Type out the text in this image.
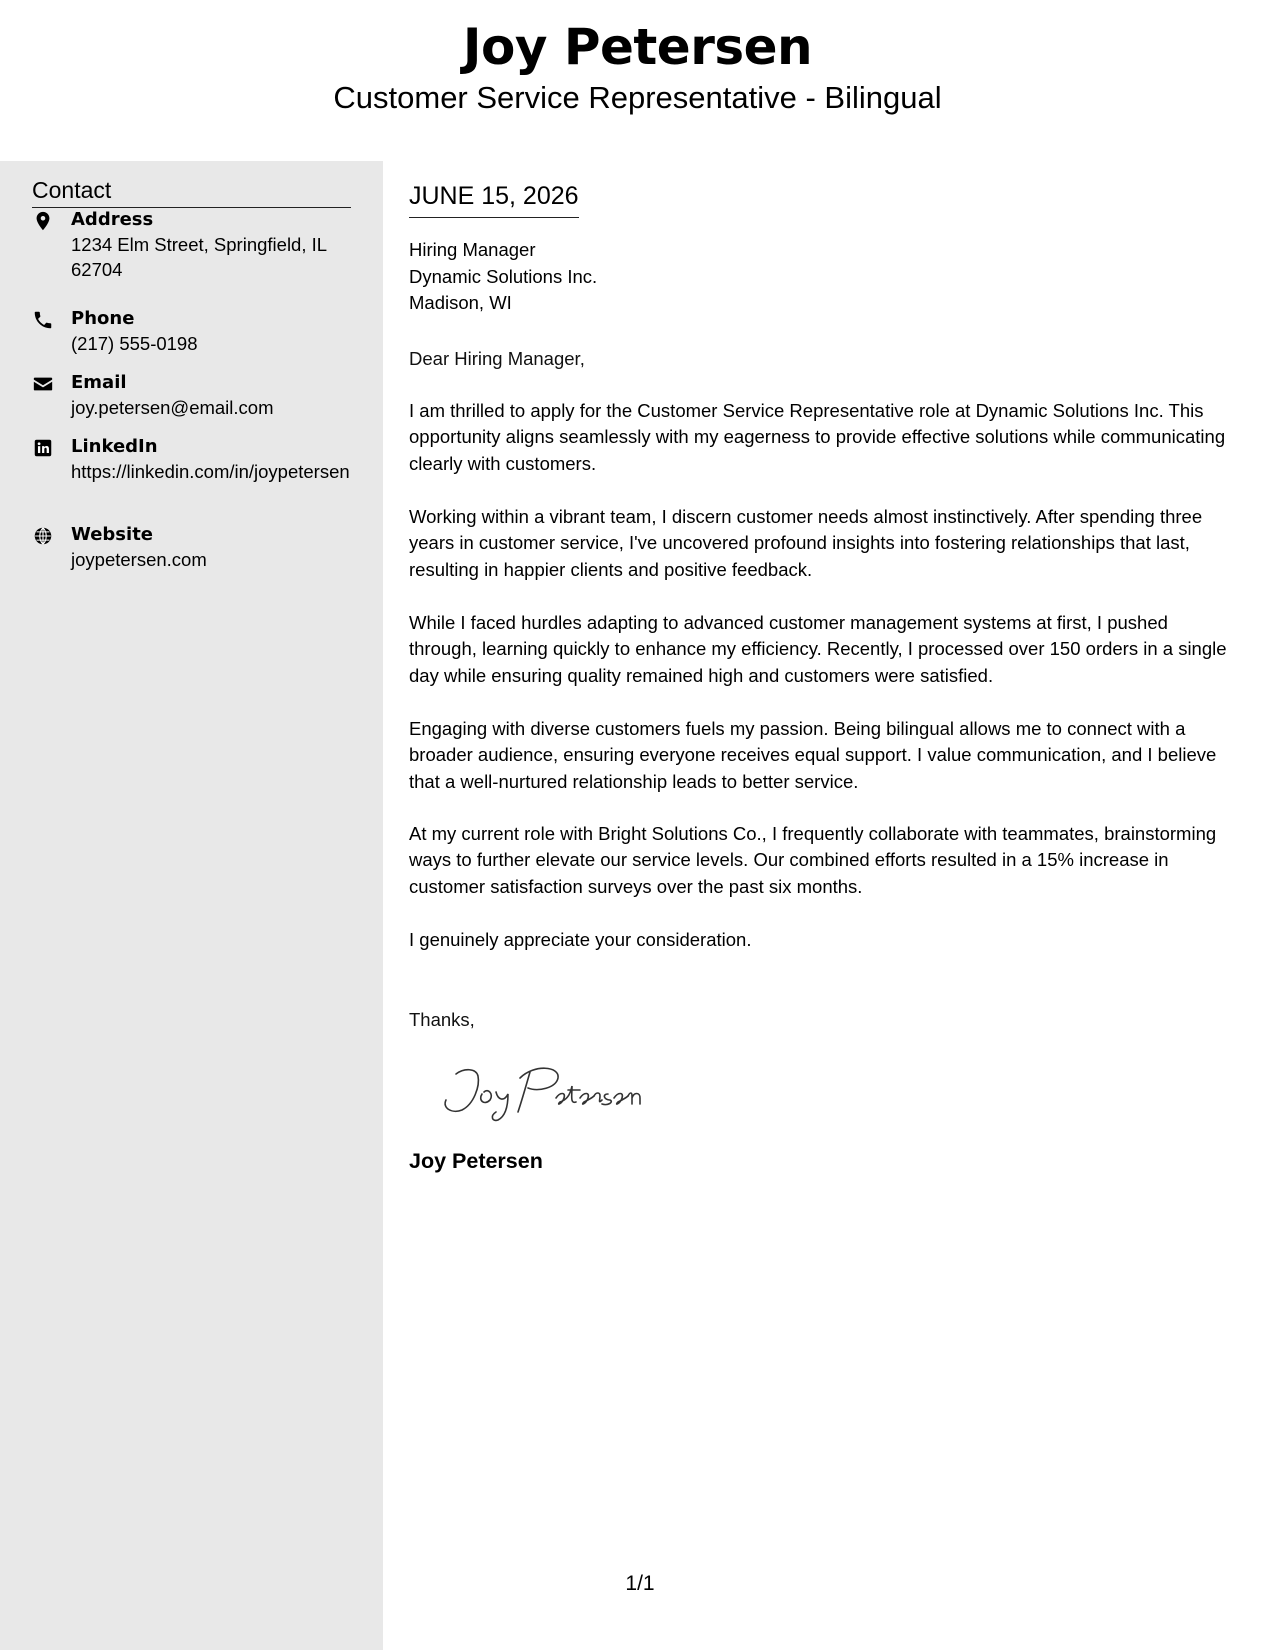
Joy Petersen
Customer Service Representative - Bilingual
Contact
Address
1234 Elm Street, Springfield, IL 62704
Phone
(217) 555-0198
Email
joy.petersen@email.com
LinkedIn
https://linkedin.com/in/joypetersen
Website
joypetersen.com
JUNE 15, 2026
Hiring Manager
Dynamic Solutions Inc.
Madison, WI
Dear Hiring Manager,
I am thrilled to apply for the Customer Service Representative role at Dynamic Solutions Inc. This opportunity aligns seamlessly with my eagerness to provide effective solutions while communicating clearly with customers.
Working within a vibrant team, I discern customer needs almost instinctively. After spending three years in customer service, I've uncovered profound insights into fostering relationships that last, resulting in happier clients and positive feedback.
While I faced hurdles adapting to advanced customer management systems at first, I pushed through, learning quickly to enhance my efficiency. Recently, I processed over 150 orders in a single day while ensuring quality remained high and customers were satisfied.
Engaging with diverse customers fuels my passion. Being bilingual allows me to connect with a broader audience, ensuring everyone receives equal support. I value communication, and I believe that a well-nurtured relationship leads to better service.
At my current role with Bright Solutions Co., I frequently collaborate with teammates, brainstorming ways to further elevate our service levels. Our combined efforts resulted in a 15% increase in customer satisfaction surveys over the past six months.
I genuinely appreciate your consideration.
Thanks,
Joy Petersen
1/1
